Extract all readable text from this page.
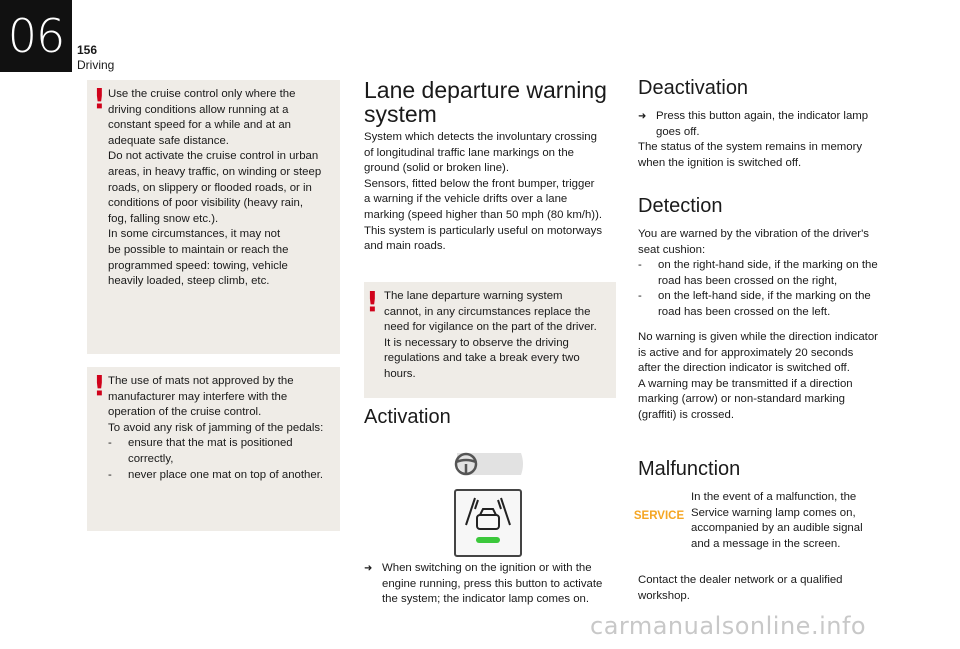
06	156
Driving
! Use the cruise control only where the

driving conditions allow running at a

constant speed for a while and at an

adequate safe distance.

Do not activate the cruise control in urban

areas, in heavy traffic, on winding or steep

roads, on slippery or flooded roads, or in

conditions of poor visibility (heavy rain,

fog, falling snow etc.).

In some circumstances, it may not

be possible to maintain or reach the

programmed speed: towing, vehicle

heavily loaded, steep climb, etc.

! The use of mats not approved by the

manufacturer may interfere with the

operation of the cruise control.

To avoid any risk of jamming of the pedals:

-	ensure that the mat is positioned
correctly,
-	never place one mat on top of another.
Lane departure warning
system

System which detects the involuntary crossing

of longitudinal traffic lane markings on the

ground (solid or broken line).

Sensors, fitted below the front bumper, trigger

a warning if the vehicle drifts over a lane

marking (speed higher than 50 mph (80 km/h)).

This system is particularly useful on motorways

and main roads.

! The lane departure warning system

cannot, in any circumstances replace the

need for vigilance on the part of the driver.

It is necessary to observe the driving

regulations and take a break every two

hours.

Activation
➜ When switching on the ignition or with the
engine running, press this button to activate
the system; the indicator lamp comes on.
Deactivation
➜ Press this button again, the indicator lamp
goes off.

The status of the system remains in memory

when the ignition is switched off.

Detection

You are warned by the vibration of the driver's

seat cushion:

-	on the right-hand side, if the marking on the
road has been crossed on the right,
-	on the left-hand side, if the marking on the
road has been crossed on the left.

No warning is given while the direction indicator

is active and for approximately 20 seconds

after the direction indicator is switched off.

A warning may be transmitted if a direction

marking (arrow) or non-standard marking

(graffiti) is crossed.

Malfunction
SERVICE

In the event of a malfunction, the

Service warning lamp comes on,

accompanied by an audible signal

and a message in the screen.

Contact the dealer network or a qualified

workshop.

carmanualsonline.info
